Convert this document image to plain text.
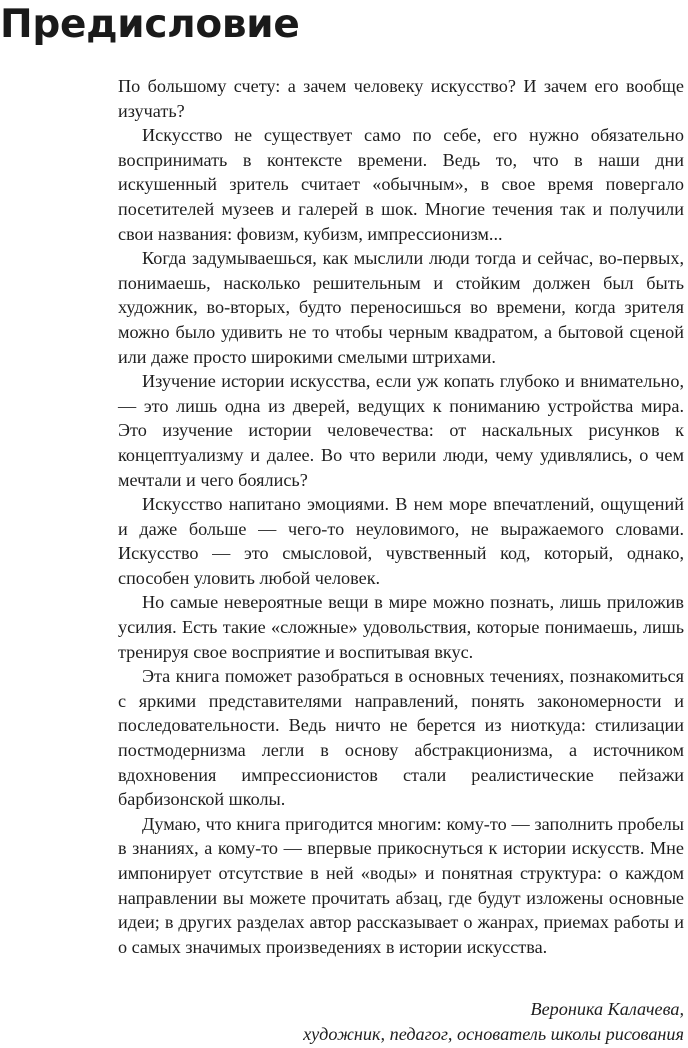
Предисловие

По большому счету: а зачем человеку искусство? И зачем его вообще изучать?

Искусство не существует само по себе, его нужно обязательно воспринимать в контексте времени. Ведь то, что в наши дни искушенный зритель считает «обычным», в свое время повергало посетителей музеев и галерей в шок. Многие течения так и получили свои названия: фовизм, кубизм, импрессионизм...

Когда задумываешься, как мыслили люди тогда и сейчас, во-первых, понимаешь, насколько решительным и стойким должен был быть художник, во-вторых, будто переносишься во времени, когда зрителя можно было удивить не то чтобы черным квадратом, а бытовой сценой или даже просто широкими смелыми штрихами.

Изучение истории искусства, если уж копать глубоко и внимательно, — это лишь одна из дверей, ведущих к пониманию устройства мира. Это изучение истории человечества: от наскальных рисунков к концептуализму и далее. Во что верили люди, чему удивлялись, о чем мечтали и чего боялись?

Искусство напитано эмоциями. В нем море впечатлений, ощущений и даже больше — чего-то неуловимого, не выражаемого словами. Искусство — это смысловой, чувственный код, который, однако, способен уловить любой человек.

Но самые невероятные вещи в мире можно познать, лишь приложив усилия. Есть такие «сложные» удовольствия, которые понимаешь, лишь тренируя свое восприятие и воспитывая вкус.

Эта книга поможет разобраться в основных течениях, познакомиться с яркими представителями направлений, понять закономерности и последовательности. Ведь ничто не берется из ниоткуда: стилизации постмодернизма легли в основу абстракционизма, а источником вдохновения импрессионистов стали реалистические пейзажи барбизонской школы.

Думаю, что книга пригодится многим: кому-то — заполнить пробелы в знаниях, а кому-то — впервые прикоснуться к истории искусств. Мне импонирует отсутствие в ней «воды» и понятная структура: о каждом направлении вы можете прочитать абзац, где будут изложены основные идеи; в других разделах автор рассказывает о жанрах, приемах работы и о самых значимых произведениях в истории искусства.

Вероника Калачева,
художник, педагог, основатель школы рисования
